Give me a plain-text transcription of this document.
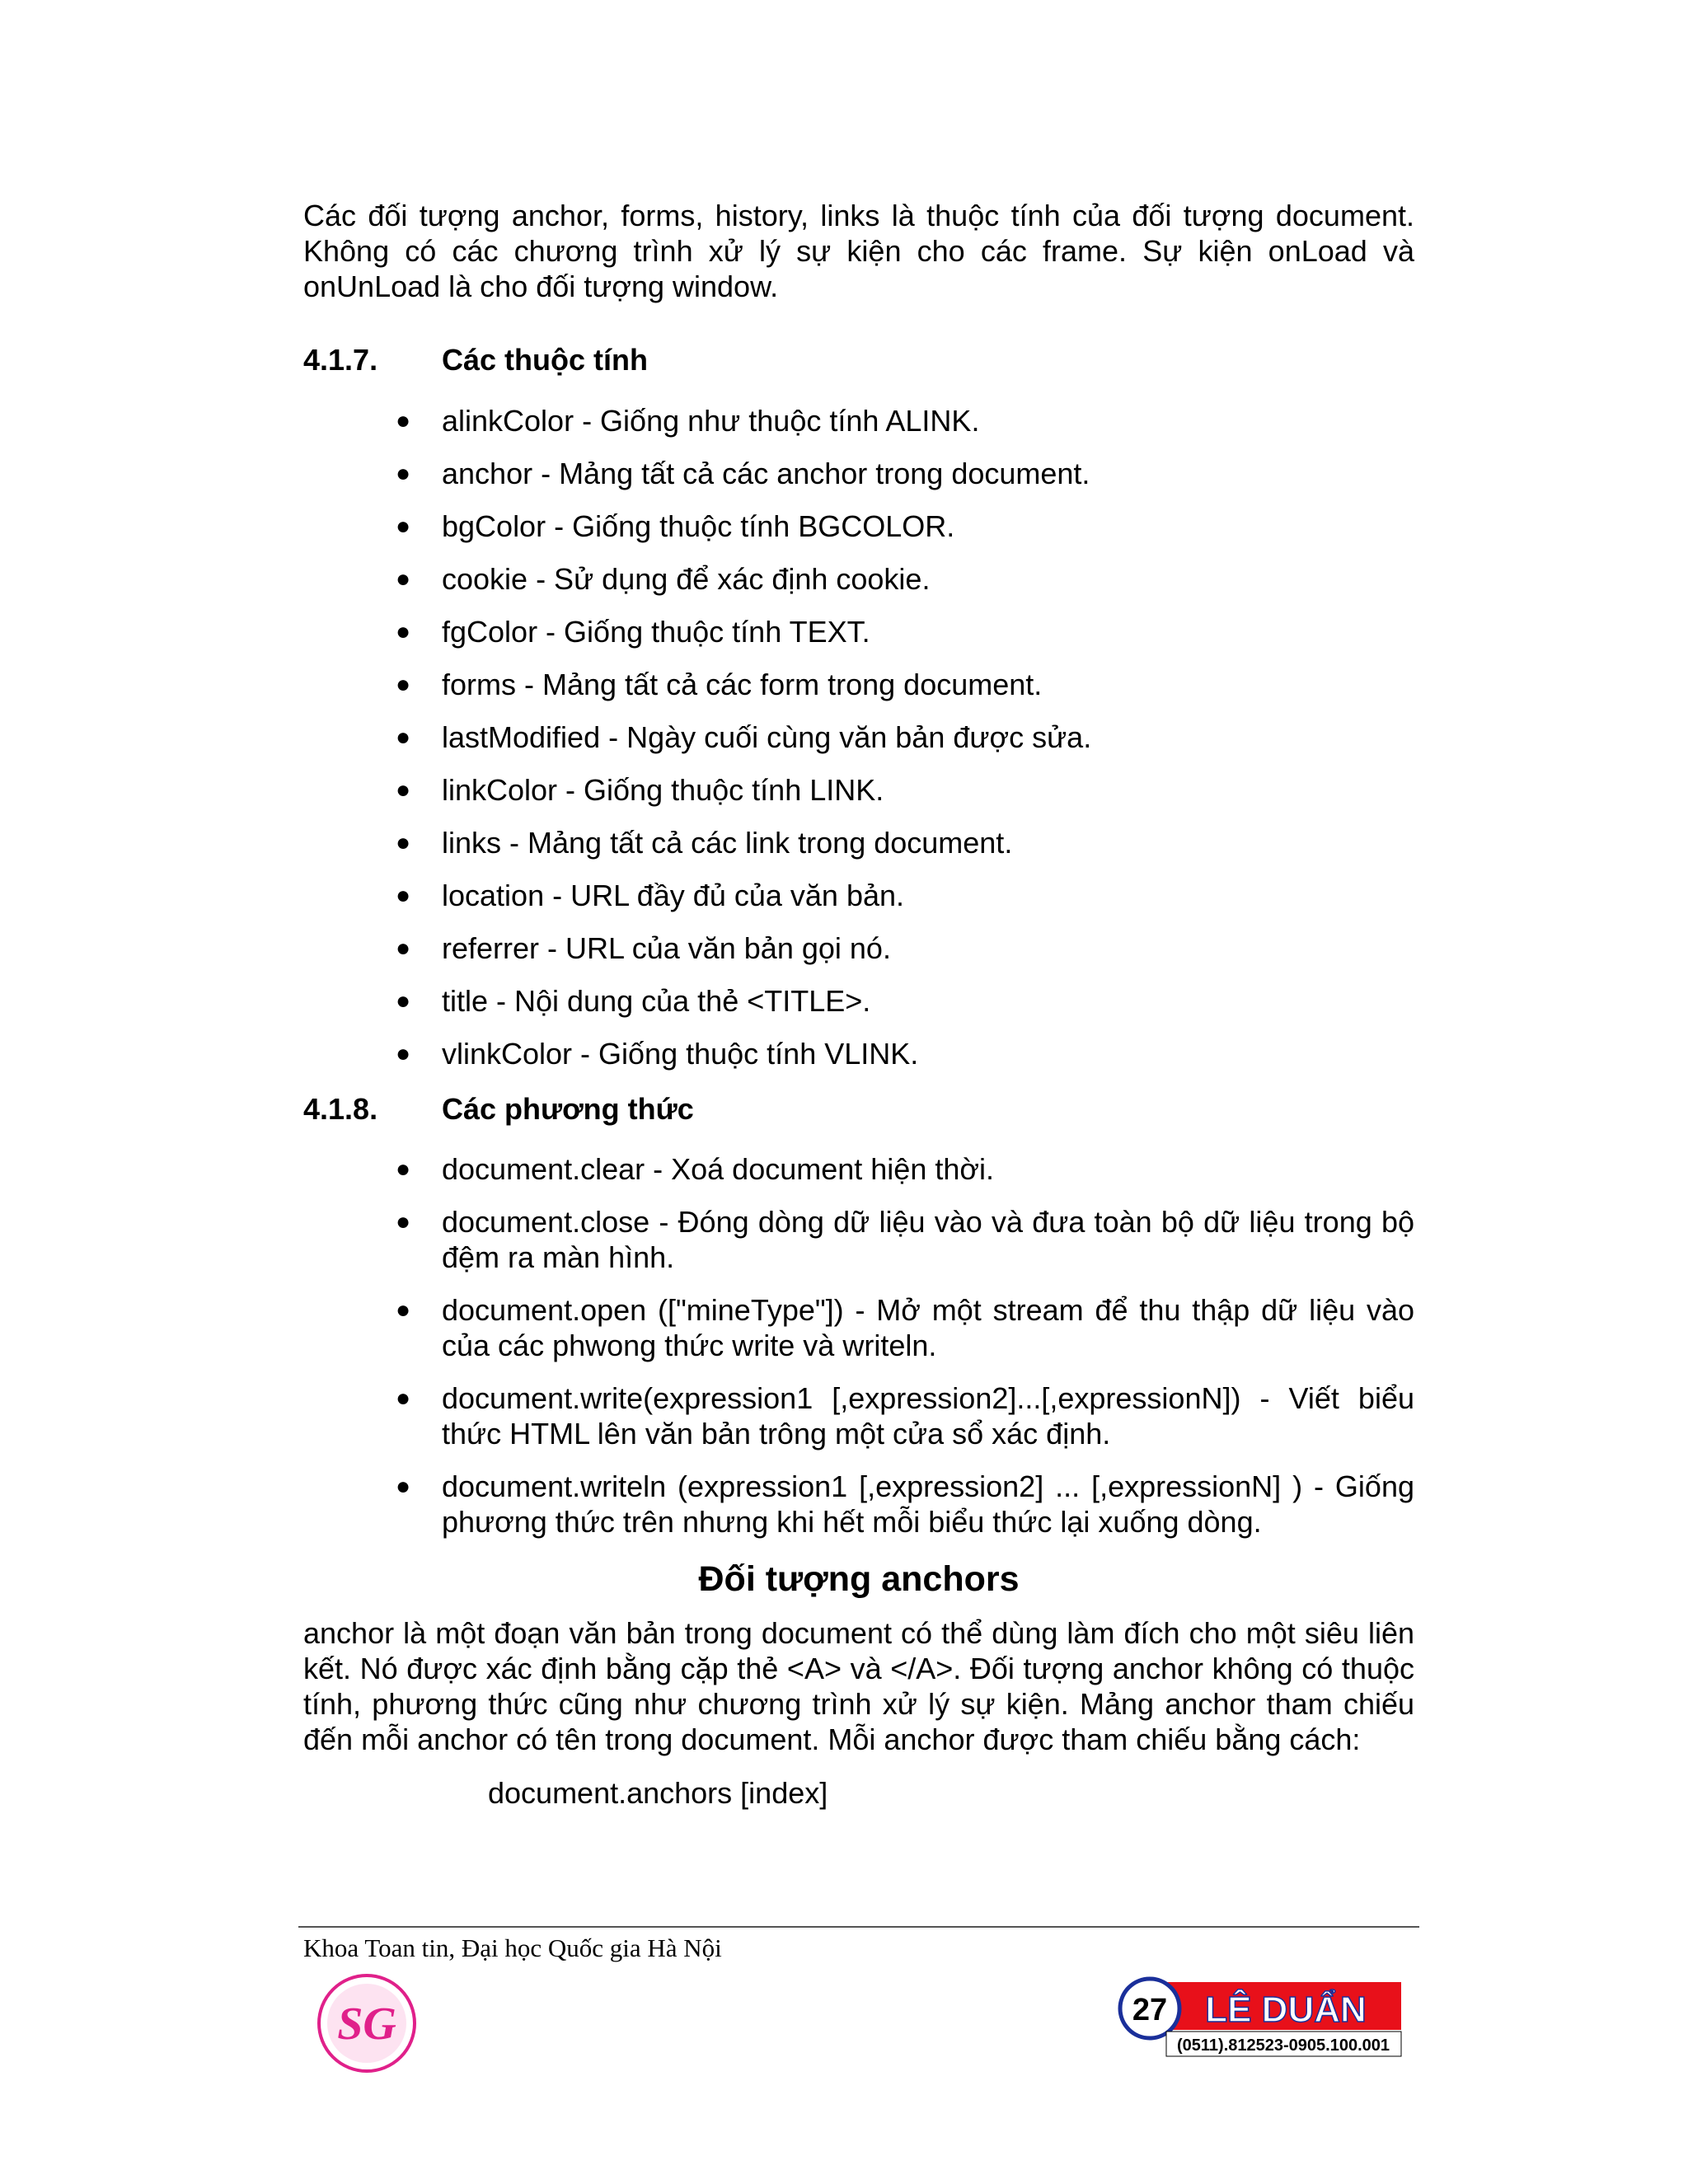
Các đối tượng anchor, forms, history, links là thuộc tính của đối tượng document. Không có các chương trình xử lý sự kiện cho các frame. Sự kiện onLoad và onUnLoad là cho đối tượng window.

4.1.7.	Các thuộc tính
● alinkColor - Giống như thuộc tính ALINK.
● anchor - Mảng tất cả các anchor trong document.
● bgColor - Giống thuộc tính BGCOLOR.
● cookie - Sử dụng để xác định cookie.
● fgColor - Giống thuộc tính TEXT.
● forms - Mảng tất cả các form trong document.
● lastModified - Ngày cuối cùng văn bản được sửa.
● linkColor - Giống thuộc tính LINK.
● links - Mảng tất cả các link trong document.
● location - URL đầy đủ của văn bản.
● referrer - URL của văn bản gọi nó.
● title - Nội dung của thẻ <TITLE>.
● vlinkColor - Giống thuộc tính VLINK.
4.1.8.	Các phương thức
● document.clear - Xoá document hiện thời.
● document.close - Đóng dòng dữ liệu vào và đưa toàn bộ dữ liệu trong bộ đệm ra màn hình.
● document.open (["mineType"]) - Mở một stream để thu thập dữ liệu vào của các phwong thức write và writeln.
● document.write(expression1 [,expression2]...[,expressionN]) - Viết biểu thức HTML lên văn bản trông một cửa sổ xác định.
● document.writeln (expression1 [,expression2] ... [,expressionN] ) - Giống phương thức trên nhưng khi hết mỗi biểu thức lại xuống dòng.
Đối tượng anchors

anchor là một đoạn văn bản trong document có thể dùng làm đích cho một siêu liên kết. Nó được xác định bằng cặp thẻ <A> và </A>. Đối tượng anchor không có thuộc tính, phương thức cũng như chương trình xử lý sự kiện. Mảng anchor tham chiếu đến mỗi anchor có tên trong document. Mỗi anchor được tham chiếu bằng cách:

document.anchors [index]

Khoa Toan tin, Đại học Quốc gia Hà Nội
SG	27 LÊ DUẨN
(0511).812523-0905.100.001
